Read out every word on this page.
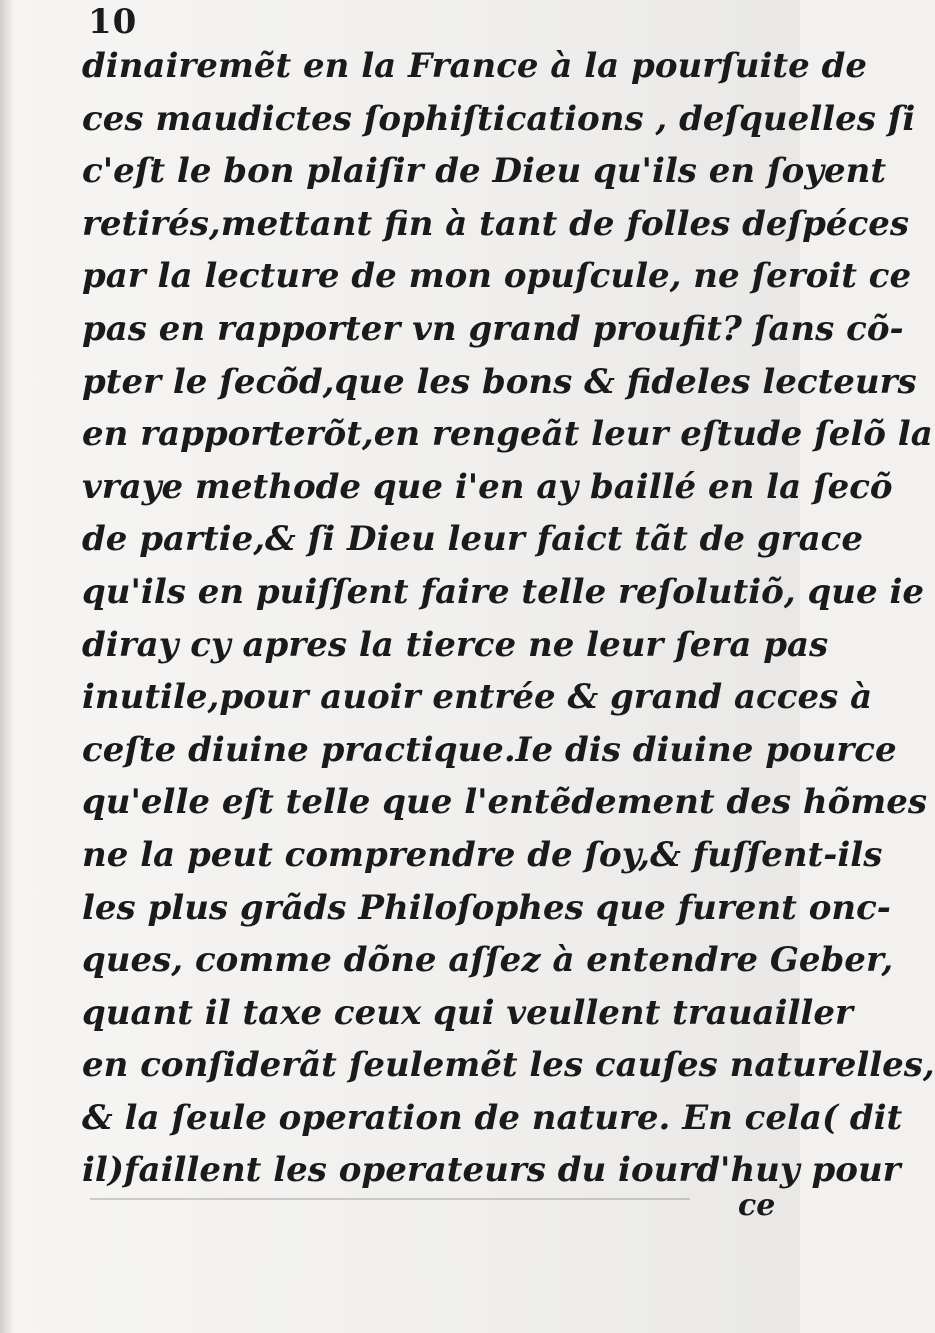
10
dinairemẽt en la France à la pourſuite de
ces maudictes ſophiſtications , deſquelles ſi
c'eſt le bon plaiſir de Dieu qu'ils en ſoyent
retirés,mettant fin à tant de folles deſpéces
par la lecture de mon opuſcule, ne ſeroit ce
pas en rapporter vn grand proufit? ſans cõ-
pter le ſecõd,que les bons & fideles lecteurs
en rapporterõt,en rengeãt leur eſtude ſelõ la
vraye methode que i'en ay baillé en la ſecõ
de partie,& ſi Dieu leur faict tãt de grace
qu'ils en puiſſent faire telle reſolutiõ, que ie
diray cy apres la tierce ne leur ſera pas
inutile,pour auoir entrée & grand acces à
ceſte diuine practique.Ie dis diuine pource
qu'elle eſt telle que l'entẽdement des hõmes
ne la peut comprendre de ſoy,& fuſſent-ils
les plus grãds Philoſophes que furent onc-
ques, comme dõne aſſez à entendre Geber,
quant il taxe ceux qui veullent trauailler
en conſiderãt ſeulemẽt les cauſes naturelles,
& la ſeule operation de nature. En cela( dit
il)faillent les operateurs du iourd'huy pour
ce
